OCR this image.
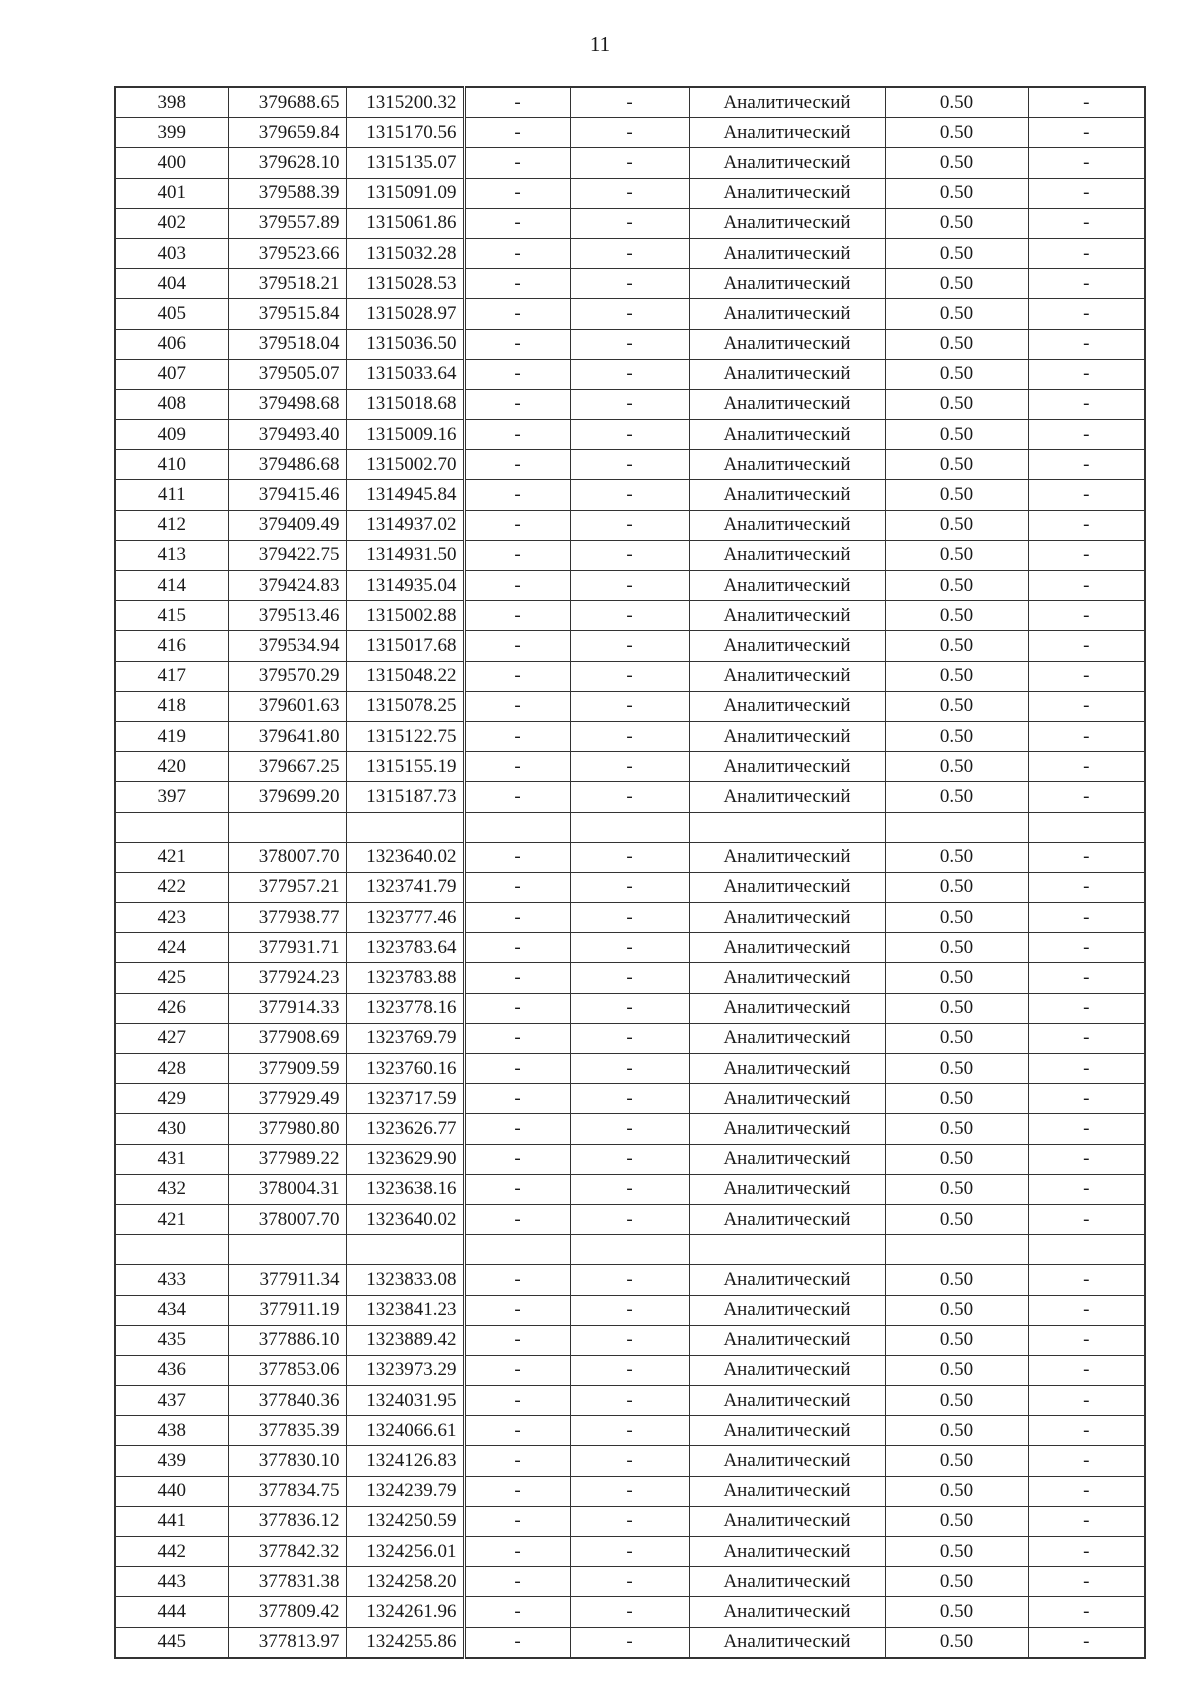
11
398	379688.65	1315200.32	-	-	Аналитический	0.50	-
399	379659.84	1315170.56	-	-	Аналитический	0.50	-
400	379628.10	1315135.07	-	-	Аналитический	0.50	-
401	379588.39	1315091.09	-	-	Аналитический	0.50	-
402	379557.89	1315061.86	-	-	Аналитический	0.50	-
403	379523.66	1315032.28	-	-	Аналитический	0.50	-
404	379518.21	1315028.53	-	-	Аналитический	0.50	-
405	379515.84	1315028.97	-	-	Аналитический	0.50	-
406	379518.04	1315036.50	-	-	Аналитический	0.50	-
407	379505.07	1315033.64	-	-	Аналитический	0.50	-
408	379498.68	1315018.68	-	-	Аналитический	0.50	-
409	379493.40	1315009.16	-	-	Аналитический	0.50	-
410	379486.68	1315002.70	-	-	Аналитический	0.50	-
411	379415.46	1314945.84	-	-	Аналитический	0.50	-
412	379409.49	1314937.02	-	-	Аналитический	0.50	-
413	379422.75	1314931.50	-	-	Аналитический	0.50	-
414	379424.83	1314935.04	-	-	Аналитический	0.50	-
415	379513.46	1315002.88	-	-	Аналитический	0.50	-
416	379534.94	1315017.68	-	-	Аналитический	0.50	-
417	379570.29	1315048.22	-	-	Аналитический	0.50	-
418	379601.63	1315078.25	-	-	Аналитический	0.50	-
419	379641.80	1315122.75	-	-	Аналитический	0.50	-
420	379667.25	1315155.19	-	-	Аналитический	0.50	-
397	379699.20	1315187.73	-	-	Аналитический	0.50	-

421	378007.70	1323640.02	-	-	Аналитический	0.50	-
422	377957.21	1323741.79	-	-	Аналитический	0.50	-
423	377938.77	1323777.46	-	-	Аналитический	0.50	-
424	377931.71	1323783.64	-	-	Аналитический	0.50	-
425	377924.23	1323783.88	-	-	Аналитический	0.50	-
426	377914.33	1323778.16	-	-	Аналитический	0.50	-
427	377908.69	1323769.79	-	-	Аналитический	0.50	-
428	377909.59	1323760.16	-	-	Аналитический	0.50	-
429	377929.49	1323717.59	-	-	Аналитический	0.50	-
430	377980.80	1323626.77	-	-	Аналитический	0.50	-
431	377989.22	1323629.90	-	-	Аналитический	0.50	-
432	378004.31	1323638.16	-	-	Аналитический	0.50	-
421	378007.70	1323640.02	-	-	Аналитический	0.50	-

433	377911.34	1323833.08	-	-	Аналитический	0.50	-
434	377911.19	1323841.23	-	-	Аналитический	0.50	-
435	377886.10	1323889.42	-	-	Аналитический	0.50	-
436	377853.06	1323973.29	-	-	Аналитический	0.50	-
437	377840.36	1324031.95	-	-	Аналитический	0.50	-
438	377835.39	1324066.61	-	-	Аналитический	0.50	-
439	377830.10	1324126.83	-	-	Аналитический	0.50	-
440	377834.75	1324239.79	-	-	Аналитический	0.50	-
441	377836.12	1324250.59	-	-	Аналитический	0.50	-
442	377842.32	1324256.01	-	-	Аналитический	0.50	-
443	377831.38	1324258.20	-	-	Аналитический	0.50	-
444	377809.42	1324261.96	-	-	Аналитический	0.50	-
445	377813.97	1324255.86	-	-	Аналитический	0.50	-
